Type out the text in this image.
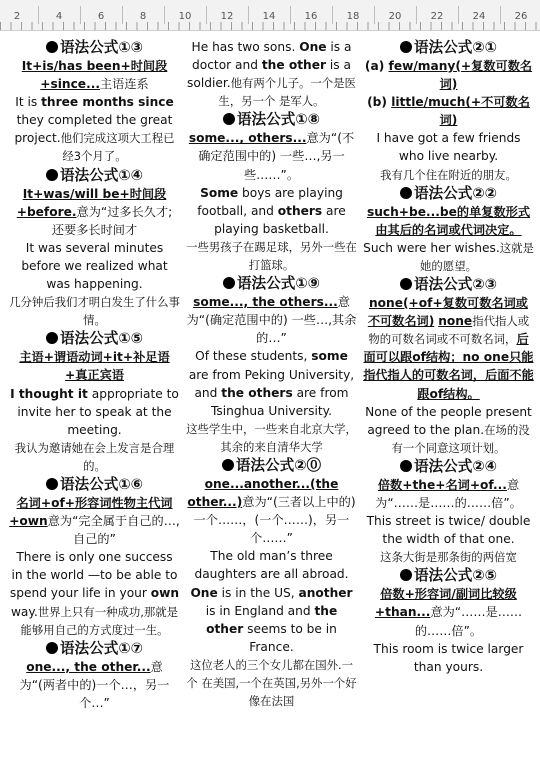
2	4	6	8	10	12	14	16	18	20	22	24	26

语法公式①③

It+is/has been+时间段

+since...主语连系

It is three months since they completed the great project.他们完成这项大工程已经3个月了。

语法公式①④

It+was/will be+时间段 +before.意为“过多长久才; 还要多长时间才

It was several minutes before we realized what was happening.

几分钟后我们才明白发生了什么事情。

语法公式①⑤

主语+谓语动词+it+补足语+真正宾语

I thought it appropriate to invite her to speak at the meeting.

我认为邀请她在会上发言是合理的。

语法公式①⑥

名词+of+形容词性物主代词+own意为“完全属于自己的…,自己的”

There is only one success in the world —to be able to spend your life in your own way.世界上只有一种成功,那就是能够用自己的方式度过一生。

语法公式①⑦

one..., the other...意为“(两者中的)一个…，另一个…”

He has two sons. One is a doctor and the other is a soldier.他有两个儿子。一个是医生，另一个 是军人。

语法公式①⑧

some..., others...意为“(不确定范围中的) 一些…,另一些……”。

Some boys are playing football, and others are playing basketball.

一些男孩子在踢足球，另外一些在打篮球。

语法公式①⑨

some..., the others...意为“(确定范围中的) 一些…,其余的…”

Of these students, some are from Peking University, and the others are from Tsinghua University.

这些学生中，一些来自北京大学，其余的来自清华大学

语法公式②⓪

one...another...(the other...)意为“(三者以上中的)一个……，(一个……)，另一个……”

The old man’s three daughters are all abroad. One is in the US, another is in England and the other seems to be in France.

这位老人的三个女儿都在国外.一个 在美国,一个在英国,另外一个好像在法国

语法公式②①

(a) few/many(+复数可数名词)

(b) little/much(+不可数名词)

I have got a few friends who live nearby.

我有几个住在附近的朋友。

语法公式②②

such+be...be的单复数形式由其后的名词或代词决定。

Such were her wishes.这就是她的愿望。

语法公式②③

none(+of+复数可数名词或不可数名词) none指代指人或物的可数名词或不可数名词，后面可以跟of结构；no one只能指代指人的可数名词，后面不能跟of结构。

None of the people present agreed to the plan.在场的没有一个同意这项计划。

语法公式②④

倍数+the+名词+of...意为“……是……的……倍”。

This street is twice/ double the width of that one.

这条大街是那条街的两倍宽

语法公式②⑤

倍数+形容词/副词比较级+than...意为“……是……的……倍”。

This room is twice larger than yours.
